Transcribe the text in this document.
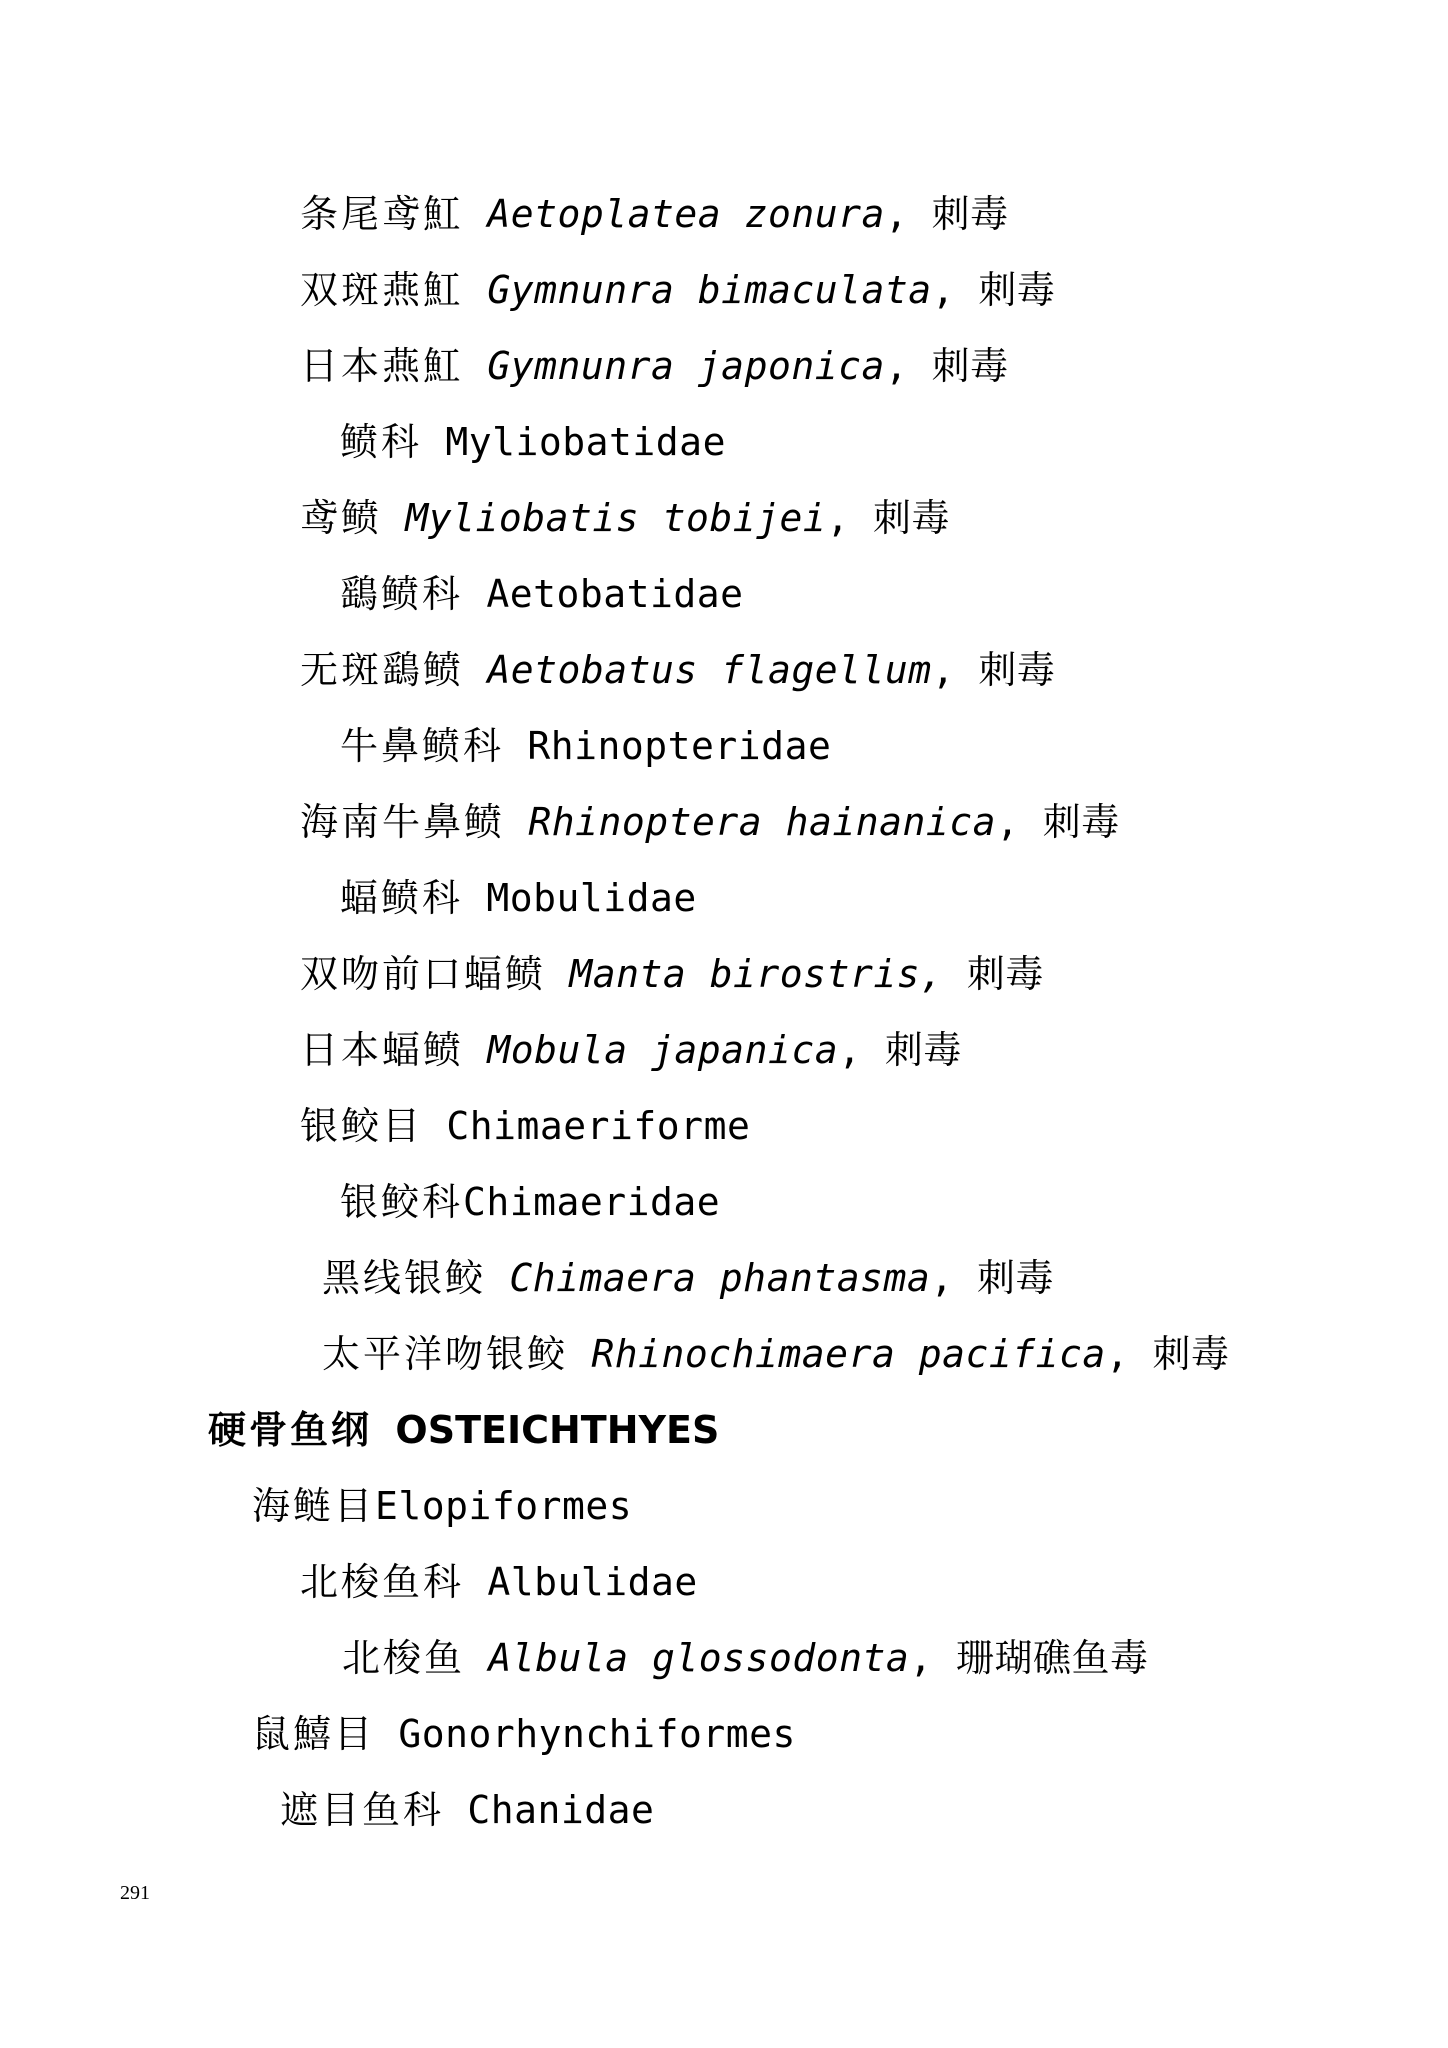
条尾鸢魟 Aetoplatea zonura, 刺毒
双斑燕魟 Gymnunra bimaculata, 刺毒
日本燕魟 Gymnunra japonica, 刺毒
鲼科 Myliobatidae
鸢鲼 Myliobatis tobijei, 刺毒
鷂鲼科 Aetobatidae
无斑鷂鲼 Aetobatus flagellum, 刺毒
牛鼻鲼科 Rhinopteridae
海南牛鼻鲼 Rhinoptera hainanica, 刺毒
蝠鲼科 Mobulidae
双吻前口蝠鲼 Manta birostris, 刺毒
日本蝠鲼 Mobula japanica, 刺毒
银鲛目 Chimaeriforme
银鲛科Chimaeridae
黑线银鲛 Chimaera phantasma, 刺毒
太平洋吻银鲛 Rhinochimaera pacifica, 刺毒
硬骨鱼纲 OSTEICHTHYES
海鲢目Elopiformes
北梭鱼科 Albulidae
北梭鱼 Albula glossodonta, 珊瑚礁鱼毒
鼠鱚目 Gonorhynchiformes
遮目鱼科 Chanidae
291
